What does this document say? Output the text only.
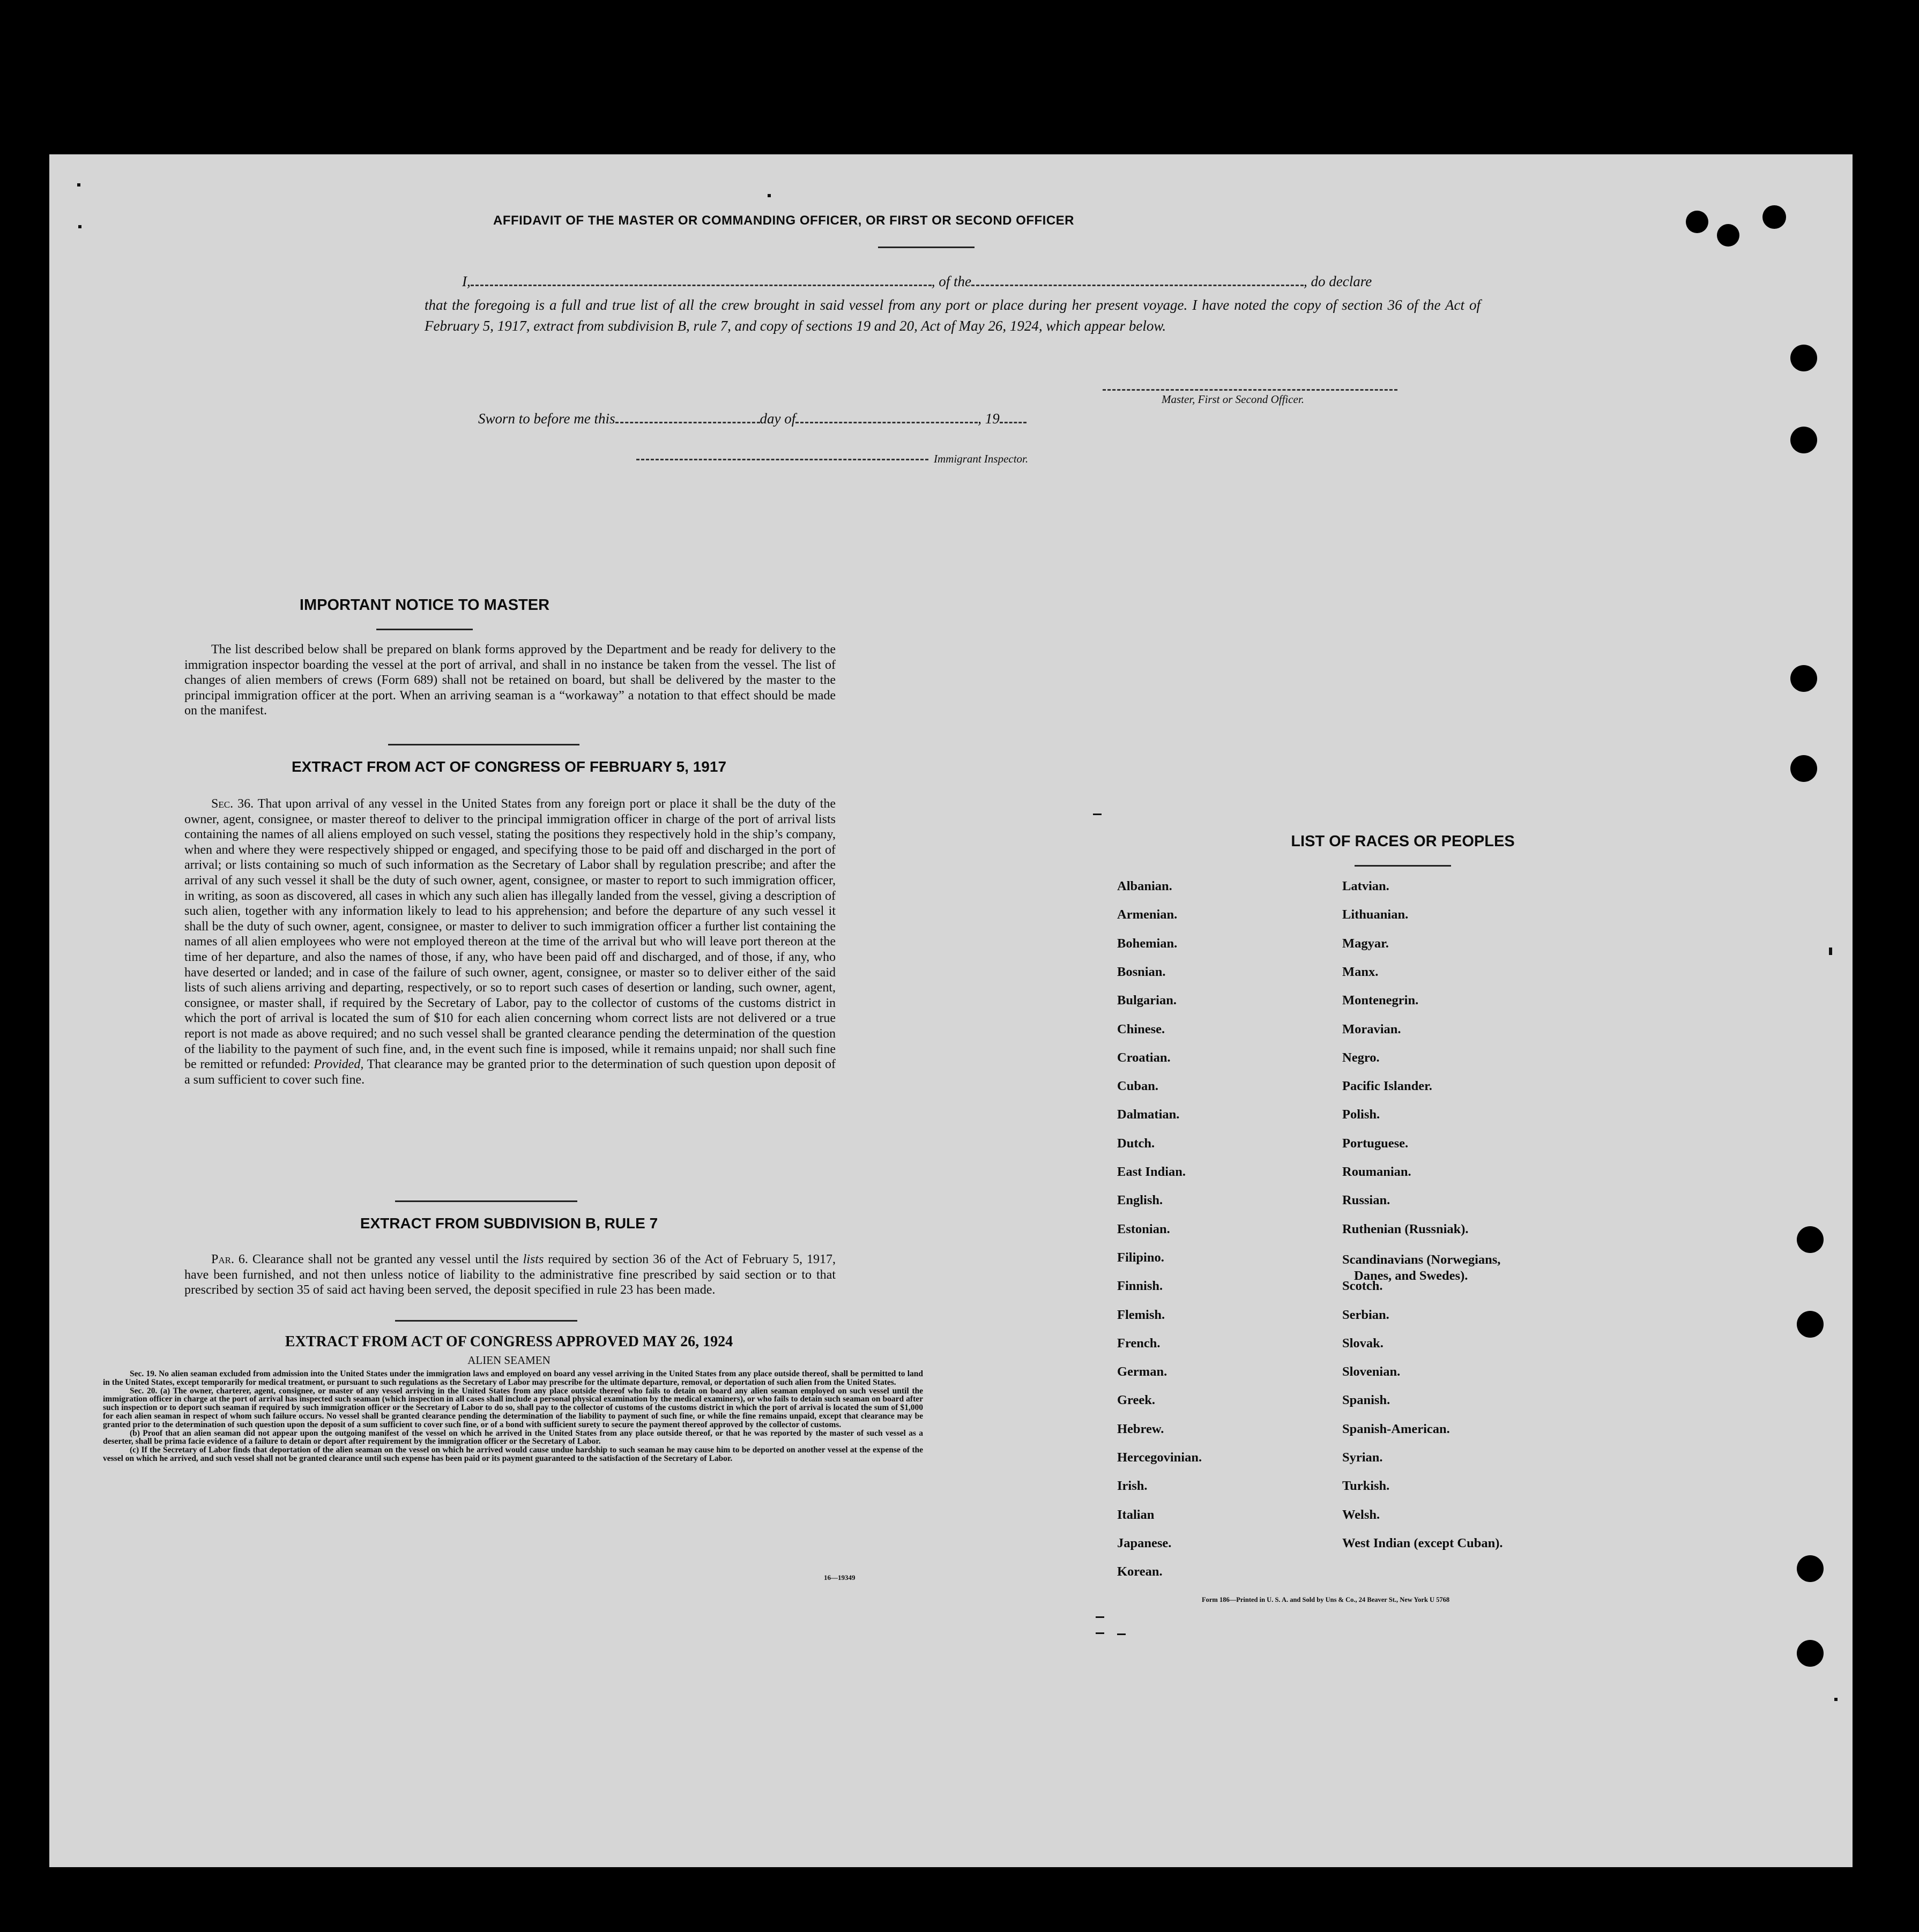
AFFIDAVIT OF THE MASTER OR COMMANDING OFFICER, OR FIRST OR SECOND OFFICER
I,	, of the	, do declare
that the foregoing is a full and true list of all the crew brought in said vessel from any port or place during her present voyage. I have noted the copy of section 36 of the Act of February 5, 1917, extract from subdivision B, rule 7, and copy of sections 19 and 20, Act of May 26, 1924, which appear below.
Master, First or Second Officer.
Sworn to before me this	day of	, 19
Immigrant Inspector.
IMPORTANT NOTICE TO MASTER
The list described below shall be prepared on blank forms approved by the Department and be ready for delivery to the immigration inspector boarding the vessel at the port of arrival, and shall in no instance be taken from the vessel. The list of changes of alien members of crews (Form 689) shall not be retained on board, but shall be delivered by the master to the principal immigration officer at the port. When an arriving seaman is a “workaway” a notation to that effect should be made on the manifest.
EXTRACT FROM ACT OF CONGRESS OF FEBRUARY 5, 1917
Sec. 36. That upon arrival of any vessel in the United States from any foreign port or place it shall be the duty of the owner, agent, consignee, or master thereof to deliver to the principal immigration officer in charge of the port of arrival lists containing the names of all aliens employed on such vessel, stating the positions they respectively hold in the ship’s company, when and where they were respectively shipped or engaged, and specifying those to be paid off and discharged in the port of arrival; or lists containing so much of such information as the Secretary of Labor shall by regulation prescribe; and after the arrival of any such vessel it shall be the duty of such owner, agent, consignee, or master to report to such immigration officer, in writing, as soon as discovered, all cases in which any such alien has illegally landed from the vessel, giving a description of such alien, together with any information likely to lead to his apprehension; and before the departure of any such vessel it shall be the duty of such owner, agent, consignee, or master to deliver to such immigration officer a further list containing the names of all alien employees who were not employed thereon at the time of the arrival but who will leave port thereon at the time of her departure, and also the names of those, if any, who have been paid off and discharged, and of those, if any, who have deserted or landed; and in case of the failure of such owner, agent, consignee, or master so to deliver either of the said lists of such aliens arriving and departing, respectively, or so to report such cases of desertion or landing, such owner, agent, consignee, or master shall, if required by the Secretary of Labor, pay to the collector of customs of the customs district in which the port of arrival is located the sum of $10 for each alien concerning whom correct lists are not delivered or a true report is not made as above required; and no such vessel shall be granted clearance pending the determination of the question of the liability to the payment of such fine, and, in the event such fine is imposed, while it remains unpaid; nor shall such fine be remitted or refunded: Provided, That clearance may be granted prior to the determination of such question upon deposit of a sum sufficient to cover such fine.
EXTRACT FROM SUBDIVISION B, RULE 7
Par. 6. Clearance shall not be granted any vessel until the lists required by section 36 of the Act of February 5, 1917, have been furnished, and not then unless notice of liability to the administrative fine prescribed by said section or to that prescribed by section 35 of said act having been served, the deposit specified in rule 23 has been made.
EXTRACT FROM ACT OF CONGRESS APPROVED MAY 26, 1924
ALIEN SEAMEN
Sec. 19. No alien seaman excluded from admission into the United States under the immigration laws and employed on board any vessel arriving in the United States from any place outside thereof, shall be permitted to land in the United States, except temporarily for medical treatment, or pursuant to such regulations as the Secretary of Labor may prescribe for the ultimate departure, removal, or deportation of such alien from the United States.
Sec. 20. (a) The owner, charterer, agent, consignee, or master of any vessel arriving in the United States from any place outside thereof who fails to detain on board any alien seaman employed on such vessel until the immigration officer in charge at the port of arrival has inspected such seaman (which inspection in all cases shall include a personal physical examination by the medical examiners), or who fails to detain such seaman on board after such inspection or to deport such seaman if required by such immigration officer or the Secretary of Labor to do so, shall pay to the collector of customs of the customs district in which the port of arrival is located the sum of $1,000 for each alien seaman in respect of whom such failure occurs. No vessel shall be granted clearance pending the determination of the liability to payment of such fine, or while the fine remains unpaid, except that clearance may be granted prior to the determination of such question upon the deposit of a sum sufficient to cover such fine, or of a bond with sufficient surety to secure the payment thereof approved by the collector of customs.
(b) Proof that an alien seaman did not appear upon the outgoing manifest of the vessel on which he arrived in the United States from any place outside thereof, or that he was reported by the master of such vessel as a deserter, shall be prima facie evidence of a failure to detain or deport after requirement by the immigration officer or the Secretary of Labor.
(c) If the Secretary of Labor finds that deportation of the alien seaman on the vessel on which he arrived would cause undue hardship to such seaman he may cause him to be deported on another vessel at the expense of the vessel on which he arrived, and such vessel shall not be granted clearance until such expense has been paid or its payment guaranteed to the satisfaction of the Secretary of Labor.
16—19349
LIST OF RACES OR PEOPLES
Albanian.
Armenian.
Bohemian.
Bosnian.
Bulgarian.
Chinese.
Croatian.
Cuban.
Dalmatian.
Dutch.
East Indian.
English.
Estonian.
Filipino.
Finnish.
Flemish.
French.
German.
Greek.
Hebrew.
Hercegovinian.
Irish.
Italian
Japanese.
Korean.
Latvian.
Lithuanian.
Magyar.
Manx.
Montenegrin.
Moravian.
Negro.
Pacific Islander.
Polish.
Portuguese.
Roumanian.
Russian.
Ruthenian (Russniak).
Scandinavians (Norwegians,
Danes, and Swedes).
Scotch.
Serbian.
Slovak.
Slovenian.
Spanish.
Spanish-American.
Syrian.
Turkish.
Welsh.
West Indian (except Cuban).
Form 186—Printed in U. S. A. and Sold by Uns & Co., 24 Beaver St., New York U 5768
